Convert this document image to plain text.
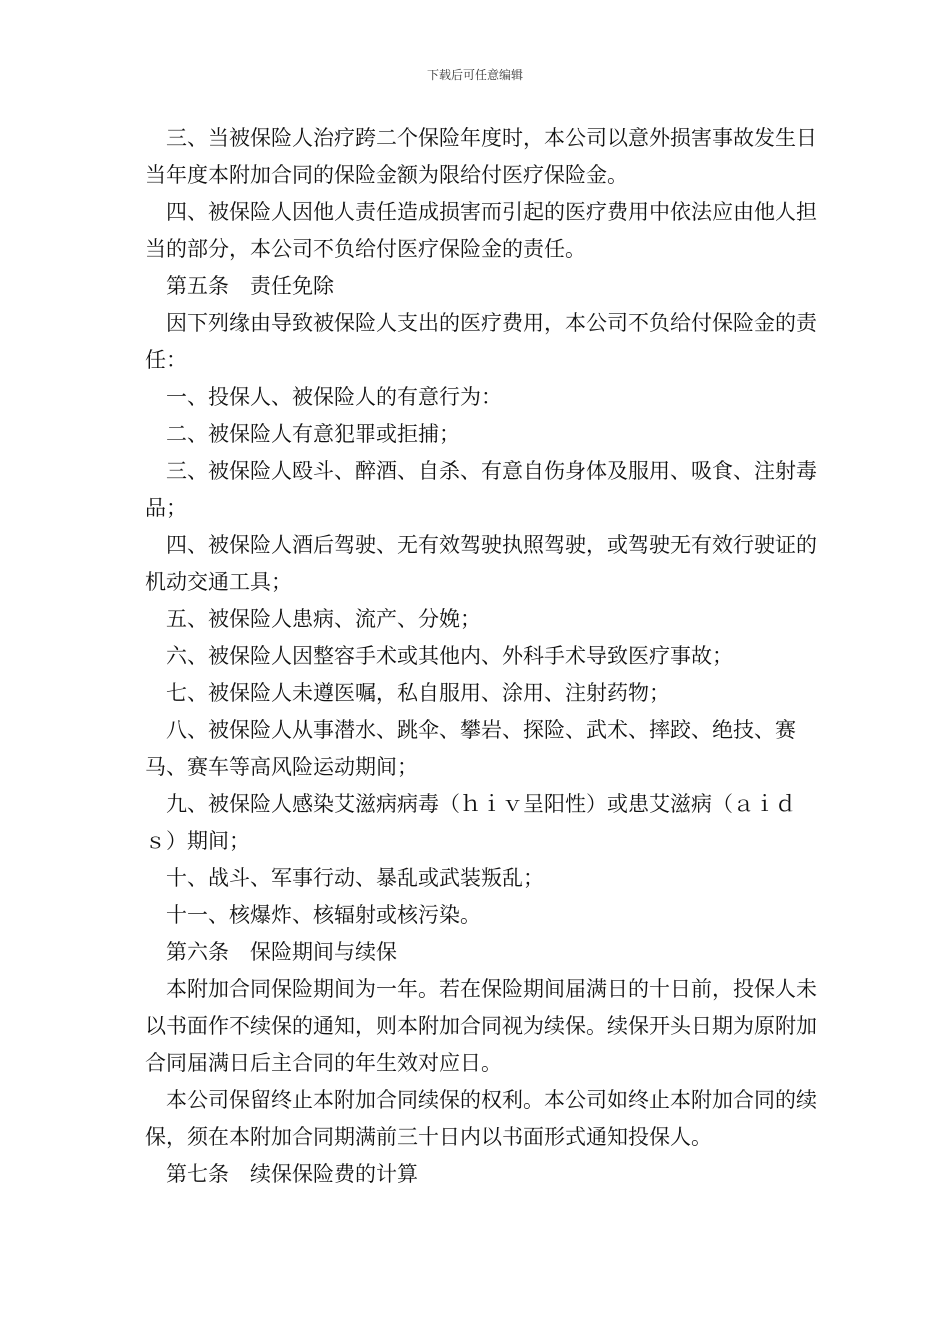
下载后可任意编辑

三、当被保险人治疗跨二个保险年度时，本公司以意外损害事故发生日当年度本附加合同的保险金额为限给付医疗保险金。

四、被保险人因他人责任造成损害而引起的医疗费用中依法应由他人担当的部分，本公司不负给付医疗保险金的责任。

第五条　责任免除

因下列缘由导致被保险人支出的医疗费用，本公司不负给付保险金的责任：

一、投保人、被保险人的有意行为：

二、被保险人有意犯罪或拒捕；

三、被保险人殴斗、醉酒、自杀、有意自伤身体及服用、吸食、注射毒品；

四、被保险人酒后驾驶、无有效驾驶执照驾驶，或驾驶无有效行驶证的机动交通工具；

五、被保险人患病、流产、分娩；

六、被保险人因整容手术或其他内、外科手术导致医疗事故；

七、被保险人未遵医嘱，私自服用、涂用、注射药物；

八、被保险人从事潜水、跳伞、攀岩、探险、武术、摔跤、绝技、赛马、赛车等高风险运动期间；

九、被保险人感染艾滋病病毒（ｈｉｖ呈阳性）或患艾滋病（ａｉｄｓ）期间；

十、战斗、军事行动、暴乱或武装叛乱；

十一、核爆炸、核辐射或核污染。

第六条　保险期间与续保

本附加合同保险期间为一年。若在保险期间届满日的十日前，投保人未以书面作不续保的通知，则本附加合同视为续保。续保开头日期为原附加合同届满日后主合同的年生效对应日。

本公司保留终止本附加合同续保的权利。本公司如终止本附加合同的续保，须在本附加合同期满前三十日内以书面形式通知投保人。

第七条　续保保险费的计算
